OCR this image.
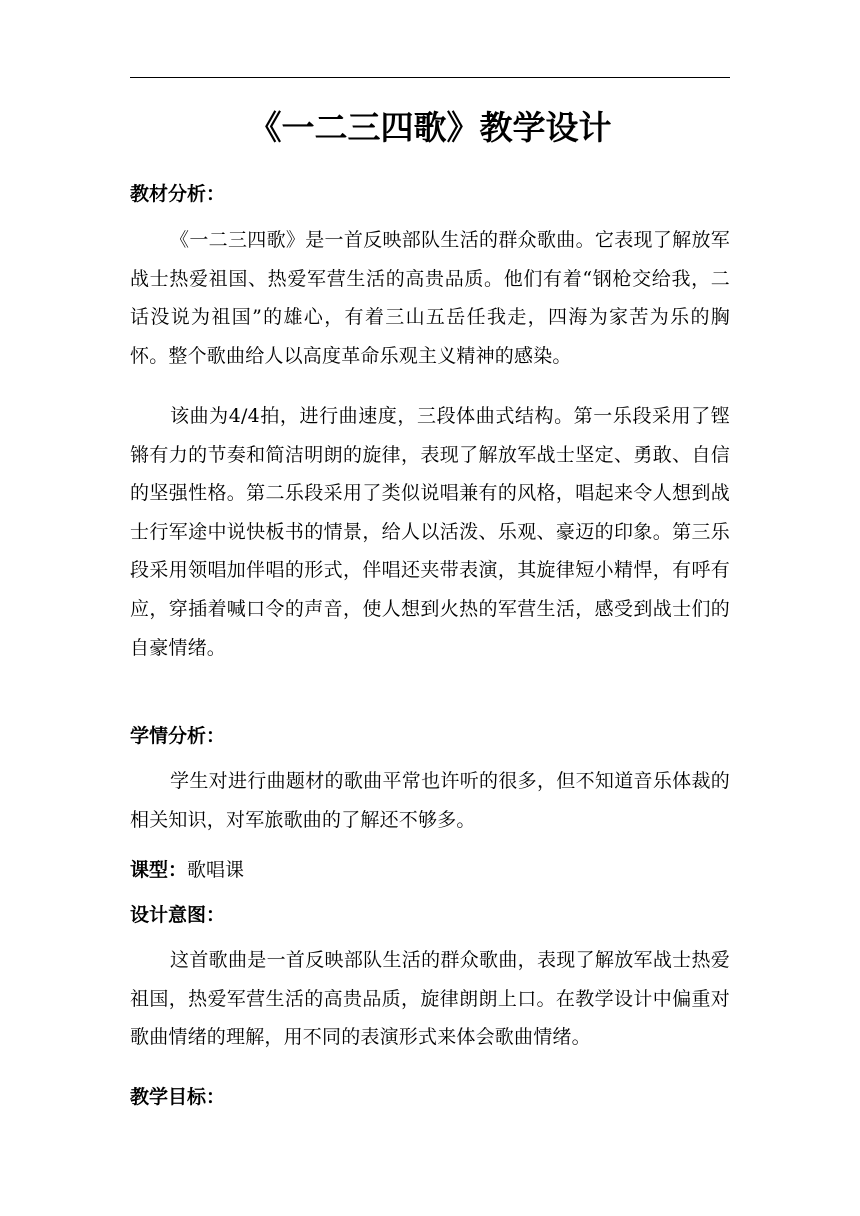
《一二三四歌》教学设计
教材分析：

《一二三四歌》是一首反映部队生活的群众歌曲。它表现了解放军战士热爱祖国、热爱军营生活的高贵品质。他们有着“钢枪交给我，二话没说为祖国”的雄心，有着三山五岳任我走，四海为家苦为乐的胸怀。整个歌曲给人以高度革命乐观主义精神的感染。

该曲为4/4拍，进行曲速度，三段体曲式结构。第一乐段采用了铿锵有力的节奏和简洁明朗的旋律，表现了解放军战士坚定、勇敢、自信的坚强性格。第二乐段采用了类似说唱兼有的风格，唱起来令人想到战士行军途中说快板书的情景，给人以活泼、乐观、豪迈的印象。第三乐段采用领唱加伴唱的形式，伴唱还夹带表演，其旋律短小精悍，有呼有应，穿插着喊口令的声音，使人想到火热的军营生活，感受到战士们的自豪情绪。

学情分析：

学生对进行曲题材的歌曲平常也许听的很多，但不知道音乐体裁的相关知识，对军旅歌曲的了解还不够多。

课型：歌唱课
设计意图：

这首歌曲是一首反映部队生活的群众歌曲，表现了解放军战士热爱祖国，热爱军营生活的高贵品质，旋律朗朗上口。在教学设计中偏重对歌曲情绪的理解，用不同的表演形式来体会歌曲情绪。

教学目标：
